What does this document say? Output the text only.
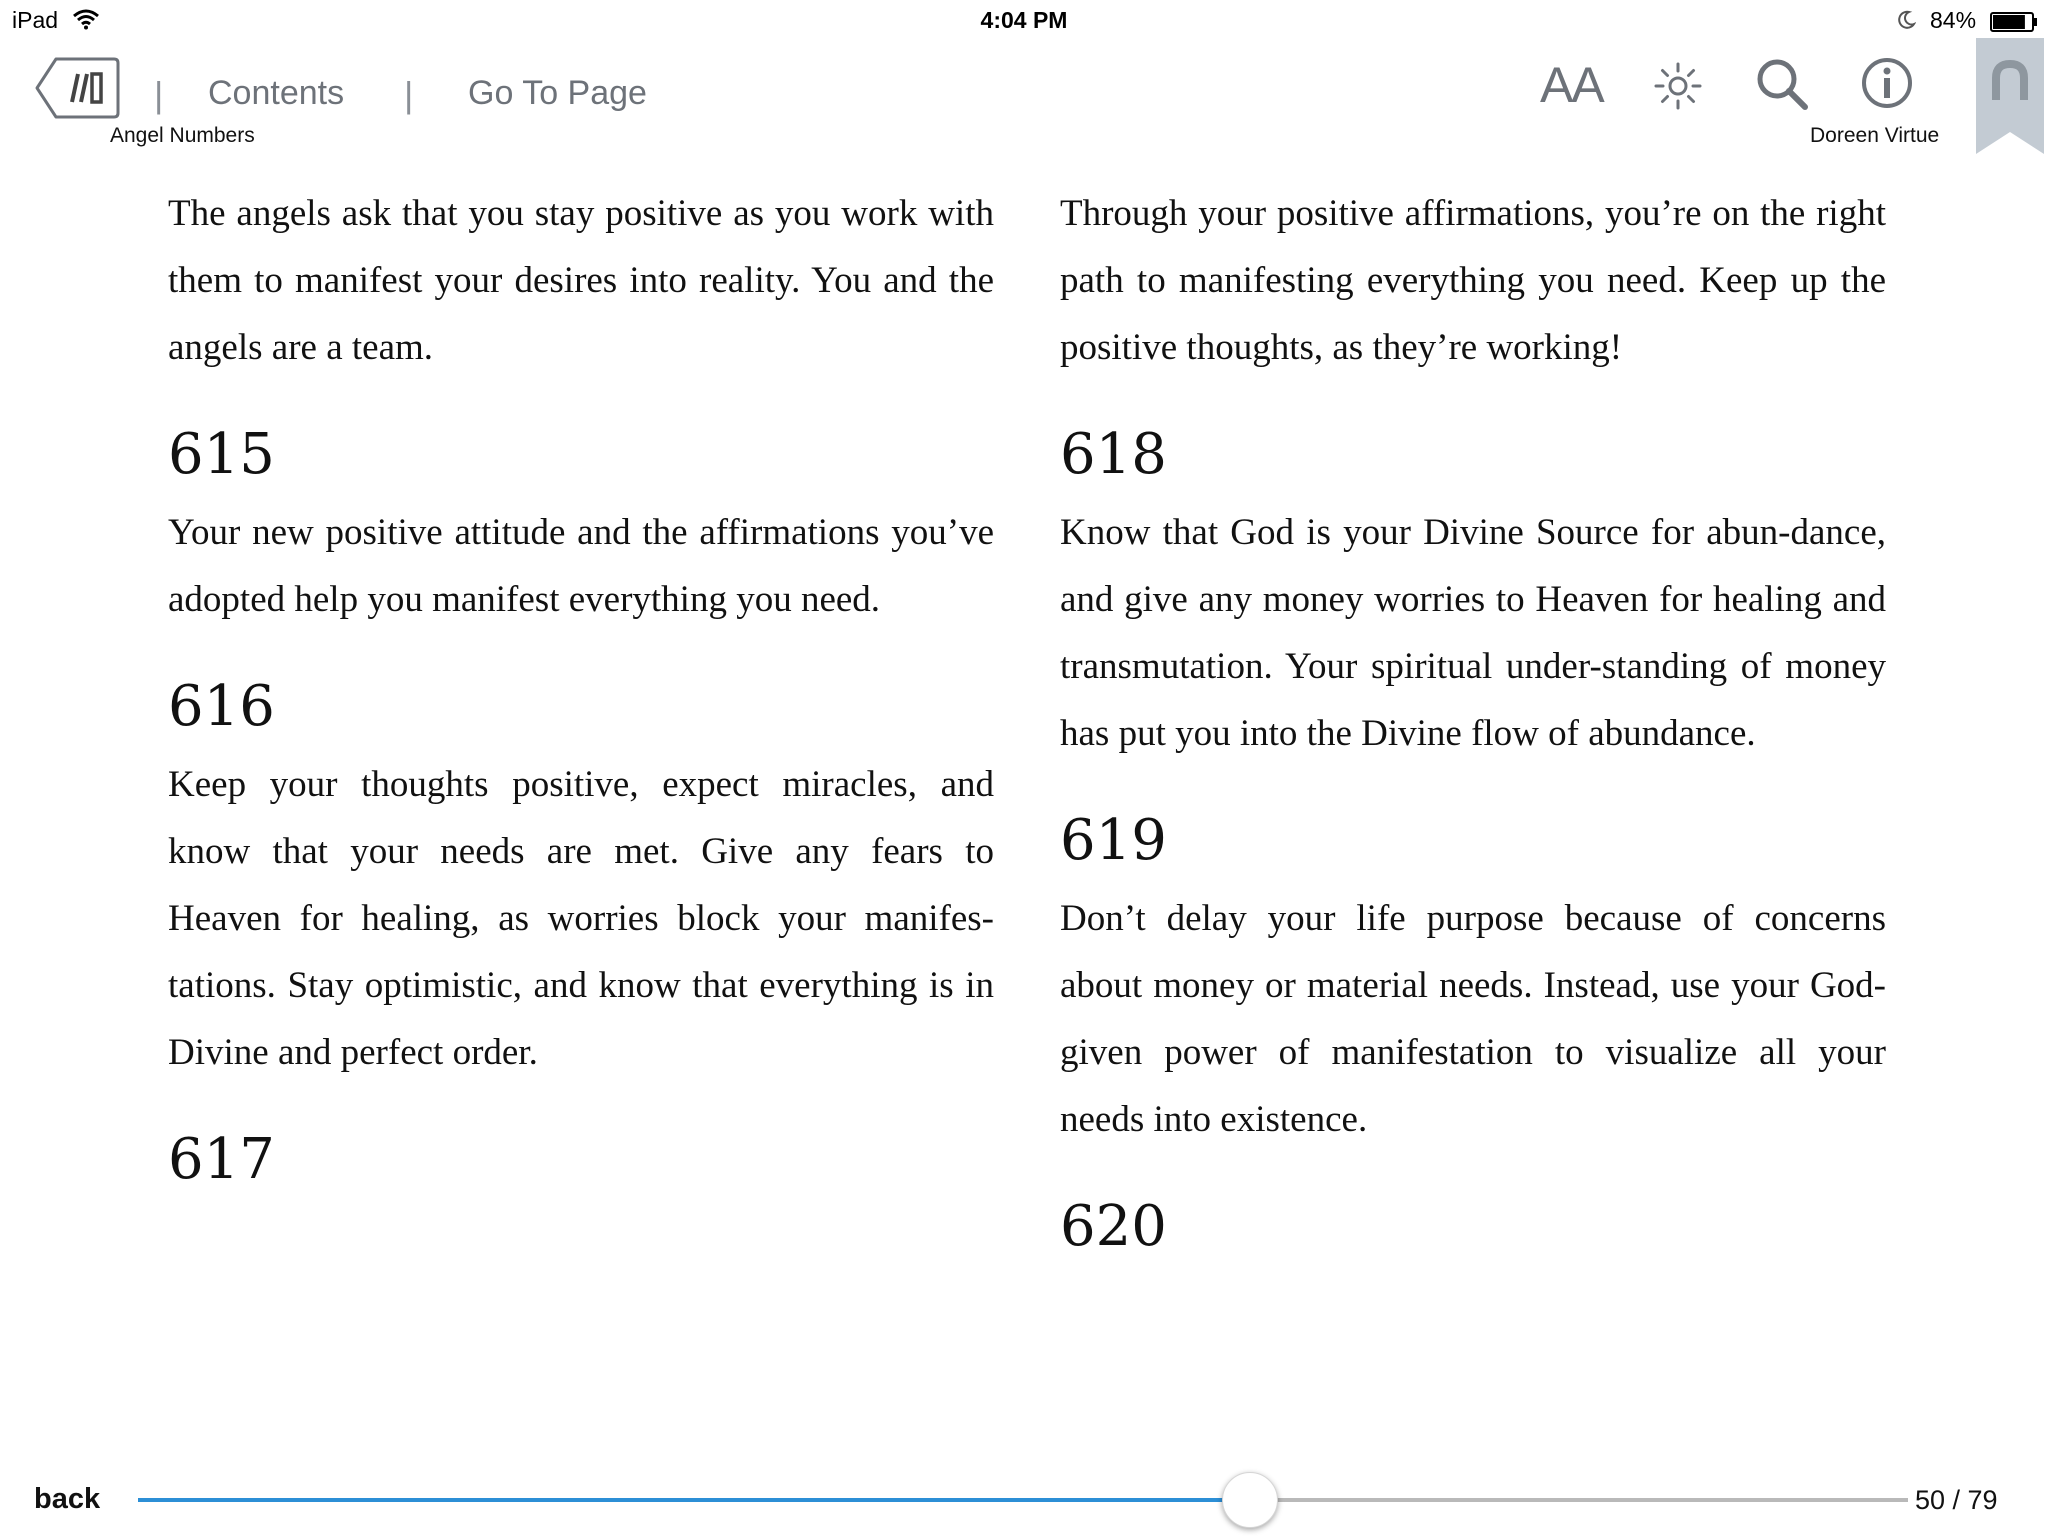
iPad	4:04 PM	84%
| Contents | Go To Page
Angel Numbers
AA
Doreen Virtue

The angels ask that you stay positive as you work with them to manifest your desires into reality. You and the angels are a team.

615

Your new positive attitude and the affirmations you’ve adopted help you manifest everything you need.

616

Keep your thoughts positive, expect miracles, and know that your needs are met. Give any fears to Heaven for healing, as worries block your manifes-tations. Stay optimistic, and know that everything is in Divine and perfect order.

617

Through your positive affirmations, you’re on the right path to manifesting everything you need. Keep up the positive thoughts, as they’re working!

618

Know that God is your Divine Source for abun-dance, and give any money worries to Heaven for healing and transmutation. Your spiritual under-standing of money has put you into the Divine flow of abundance.

619

Don’t delay your life purpose because of concerns about money or material needs. Instead, use your God-given power of manifestation to visualize all your needs into existence.

620
back	50 / 79
